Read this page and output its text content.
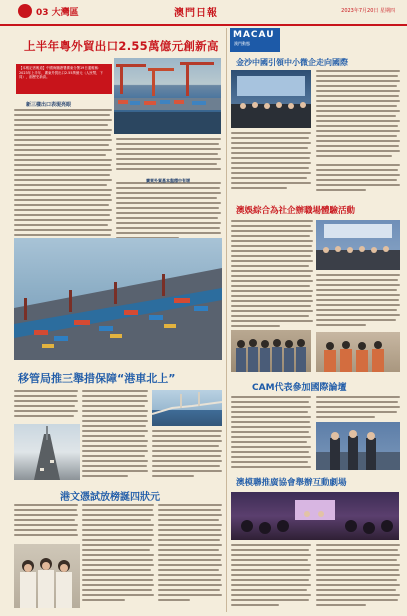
03 大灣區	澳門日報	2023年7月20日 星期四
上半年粵外貿出口2.55萬億元創新高
【本報記者報道】中國海關總署廣東分署19日通報稱：2023年上半年，廣東外貿出口2.55萬億元（人民幣，下同），創歷史新高。
新三樣出口表現亮眼
廣東外貿基本盤穩中有增
移管局推三舉措保障“港車北上”
港文憑試放榜誕四狀元
MACAU
澳門動態
金沙中國引領中小微企走向國際
澳娛綜合為社企辦職場體驗活動
CAM代表參加國際論壇
澳模聯推廣協會舉辦互動劇場
